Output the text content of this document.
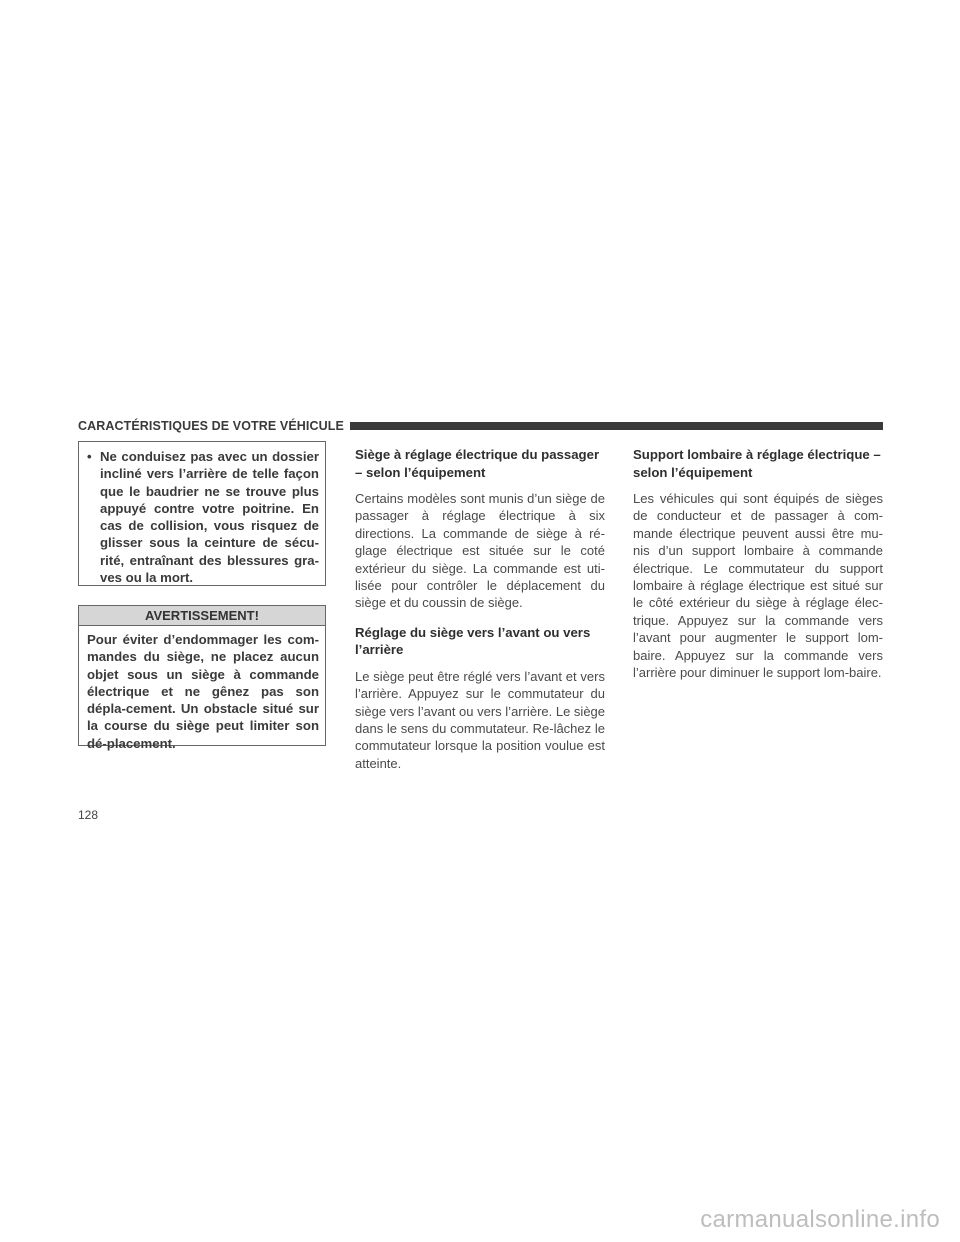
CARACTÉRISTIQUES DE VOTRE VÉHICULE
• Ne conduisez pas avec un dossier incliné vers l’arrière de telle façon que le baudrier ne se trouve plus appuyé contre votre poitrine. En cas de collision, vous risquez de glisser sous la ceinture de sécu-rité, entraînant des blessures gra-ves ou la mort.
AVERTISSEMENT!
Pour éviter d’endommager les com-mandes du siège, ne placez aucun objet sous un siège à commande électrique et ne gênez pas son dépla-cement. Un obstacle situé sur la course du siège peut limiter son dé-placement.
Siège à réglage électrique du passager – selon l’équipement
Certains modèles sont munis d’un siège de passager à réglage électrique à six directions. La commande de siège à ré-glage électrique est située sur le coté extérieur du siège. La commande est uti-lisée pour contrôler le déplacement du siège et du coussin de siège.
Réglage du siège vers l’avant ou vers l’arrière
Le siège peut être réglé vers l’avant et vers l’arrière. Appuyez sur le commutateur du siège vers l’avant ou vers l’arrière. Le siège dans le sens du commutateur. Re-lâchez le commutateur lorsque la position voulue est atteinte.
Support lombaire à réglage électrique – selon l’équipement
Les véhicules qui sont équipés de sièges de conducteur et de passager à com-mande électrique peuvent aussi être mu-nis d’un support lombaire à commande électrique. Le commutateur du support lombaire à réglage électrique est situé sur le côté extérieur du siège à réglage élec-trique. Appuyez sur la commande vers l’avant pour augmenter le support lom-baire. Appuyez sur la commande vers l’arrière pour diminuer le support lom-baire.
128
carmanualsonline.info
